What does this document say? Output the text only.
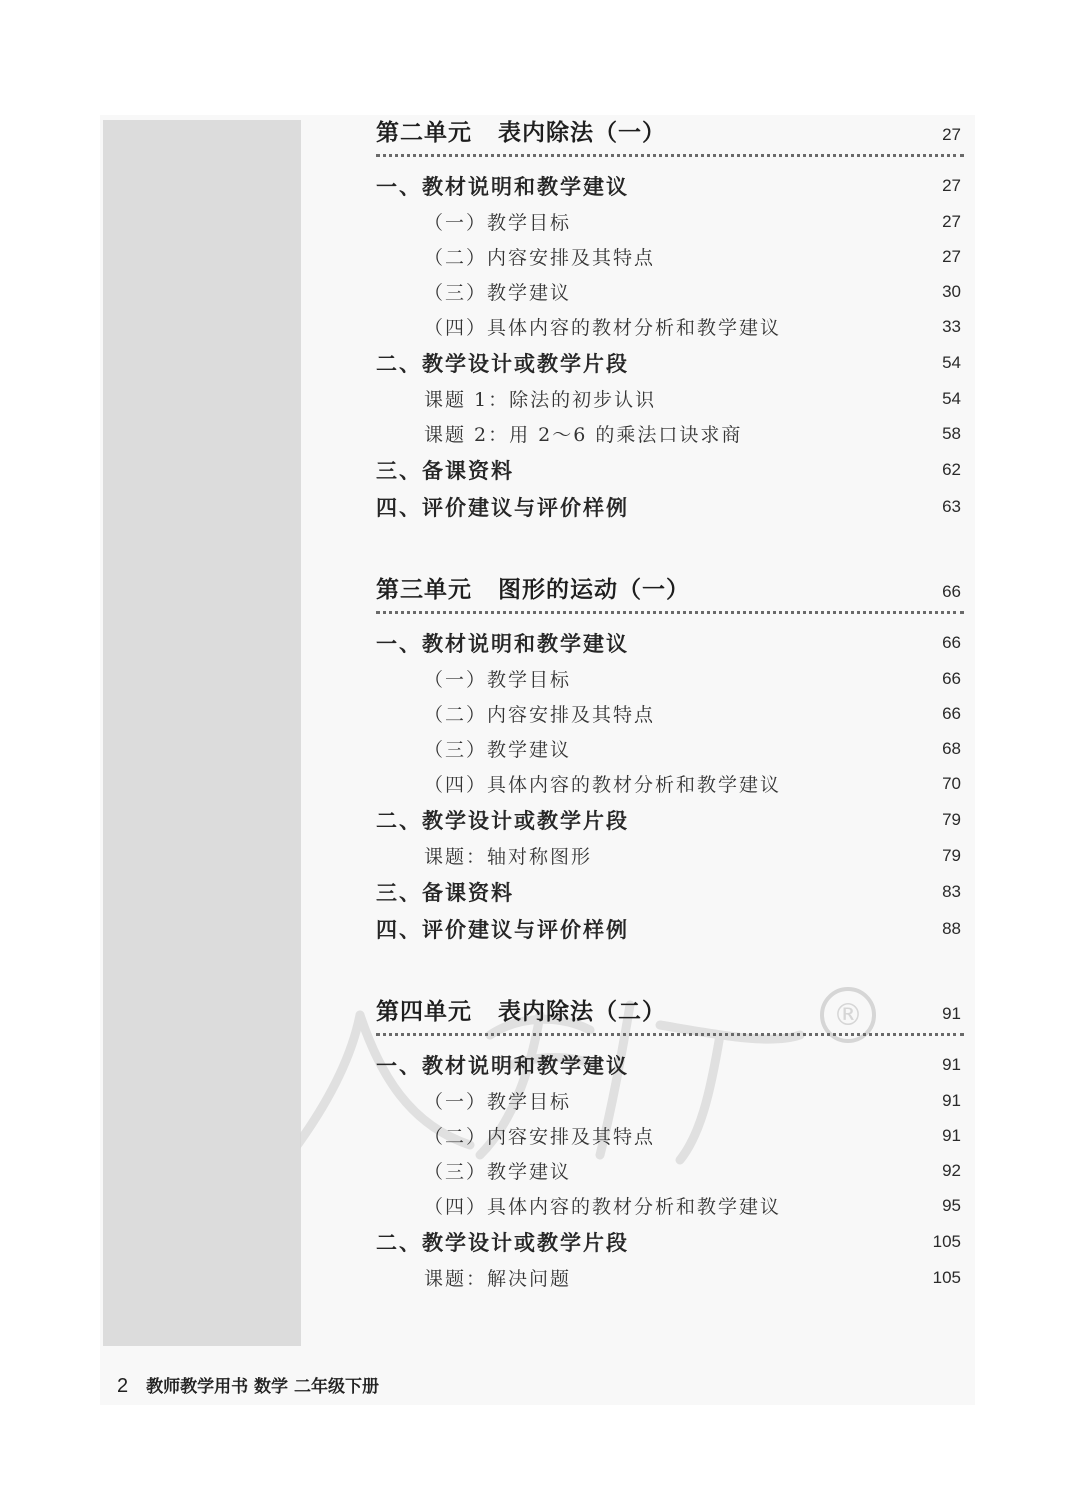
®
第二单元 表内除法（一）	27
一、教材说明和教学建议	27
（一）教学目标	27
（二）内容安排及其特点	27
（三）教学建议	30
（四）具体内容的教材分析和教学建议	33
二、教学设计或教学片段	54
课题 1：除法的初步认识	54
课题 2：用 2～6 的乘法口诀求商	58
三、备课资料	62
四、评价建议与评价样例	63
第三单元 图形的运动（一）	66
一、教材说明和教学建议	66
（一）教学目标	66
（二）内容安排及其特点	66
（三）教学建议	68
（四）具体内容的教材分析和教学建议	70
二、教学设计或教学片段	79
课题：轴对称图形	79
三、备课资料	83
四、评价建议与评价样例	88
第四单元 表内除法（二）	91
一、教材说明和教学建议	91
（一）教学目标	91
（二）内容安排及其特点	91
（三）教学建议	92
（四）具体内容的教材分析和教学建议	95
二、教学设计或教学片段	105
课题：解决问题	105
2 教师教学用书 数学 二年级下册
